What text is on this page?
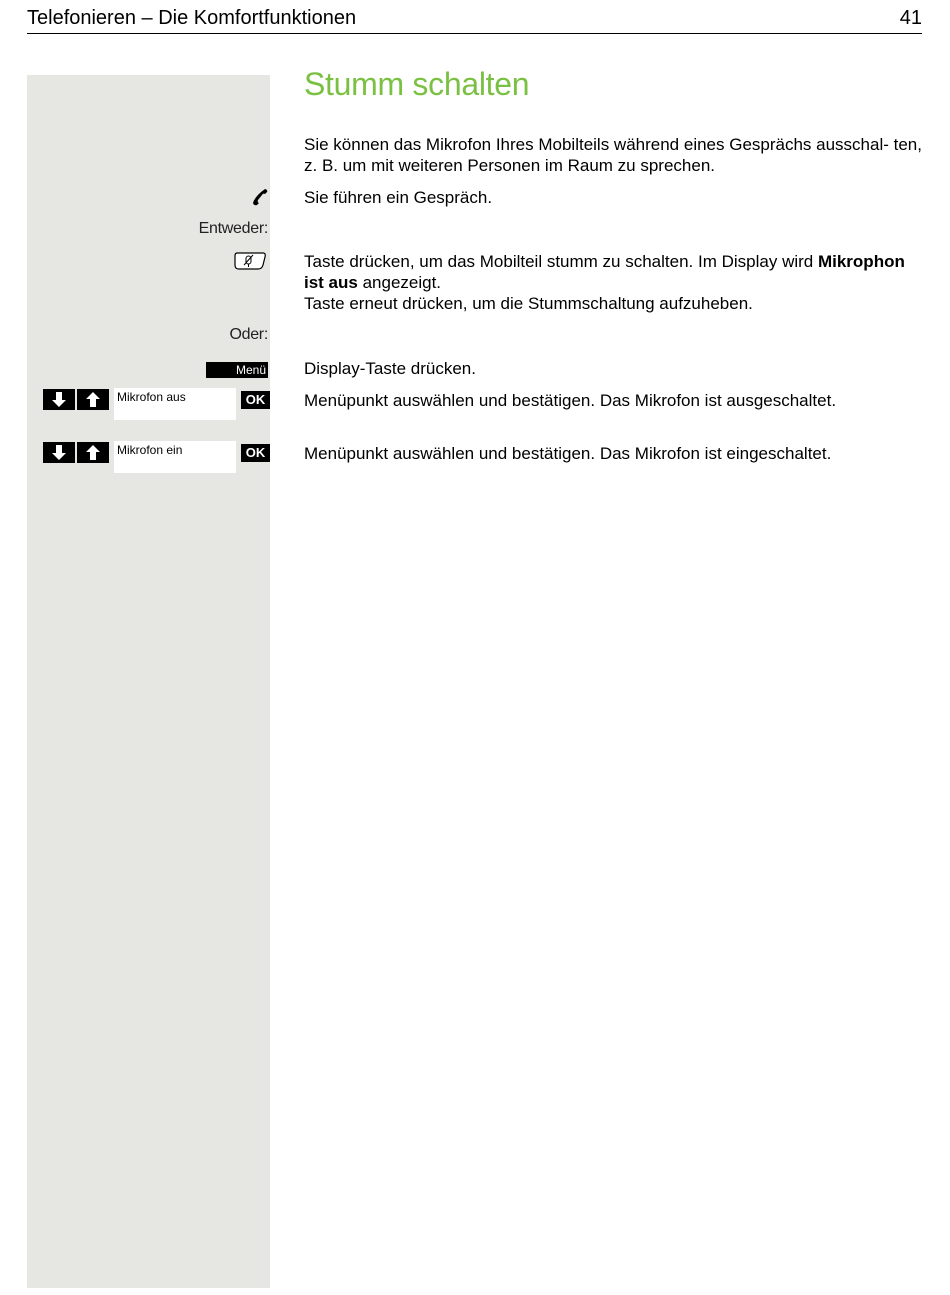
Telefonieren – Die Komfortfunktionen	41
Stumm schalten
Sie können das Mikrofon Ihres Mobilteils während eines Gesprächs ausschal- ten, z. B. um mit weiteren Personen im Raum zu sprechen.
Sie führen ein Gespräch.
Entweder:
Taste drücken, um das Mobilteil stumm zu schalten. Im Display wird Mikrophon ist aus angezeigt.
Taste erneut drücken, um die Stummschaltung aufzuheben.
Oder:
Menü Display-Taste drücken.
Mikrofon aus	OK Menüpunkt auswählen und bestätigen. Das Mikrofon ist ausgeschaltet.
Mikrofon ein	OK Menüpunkt auswählen und bestätigen. Das Mikrofon ist eingeschaltet.
